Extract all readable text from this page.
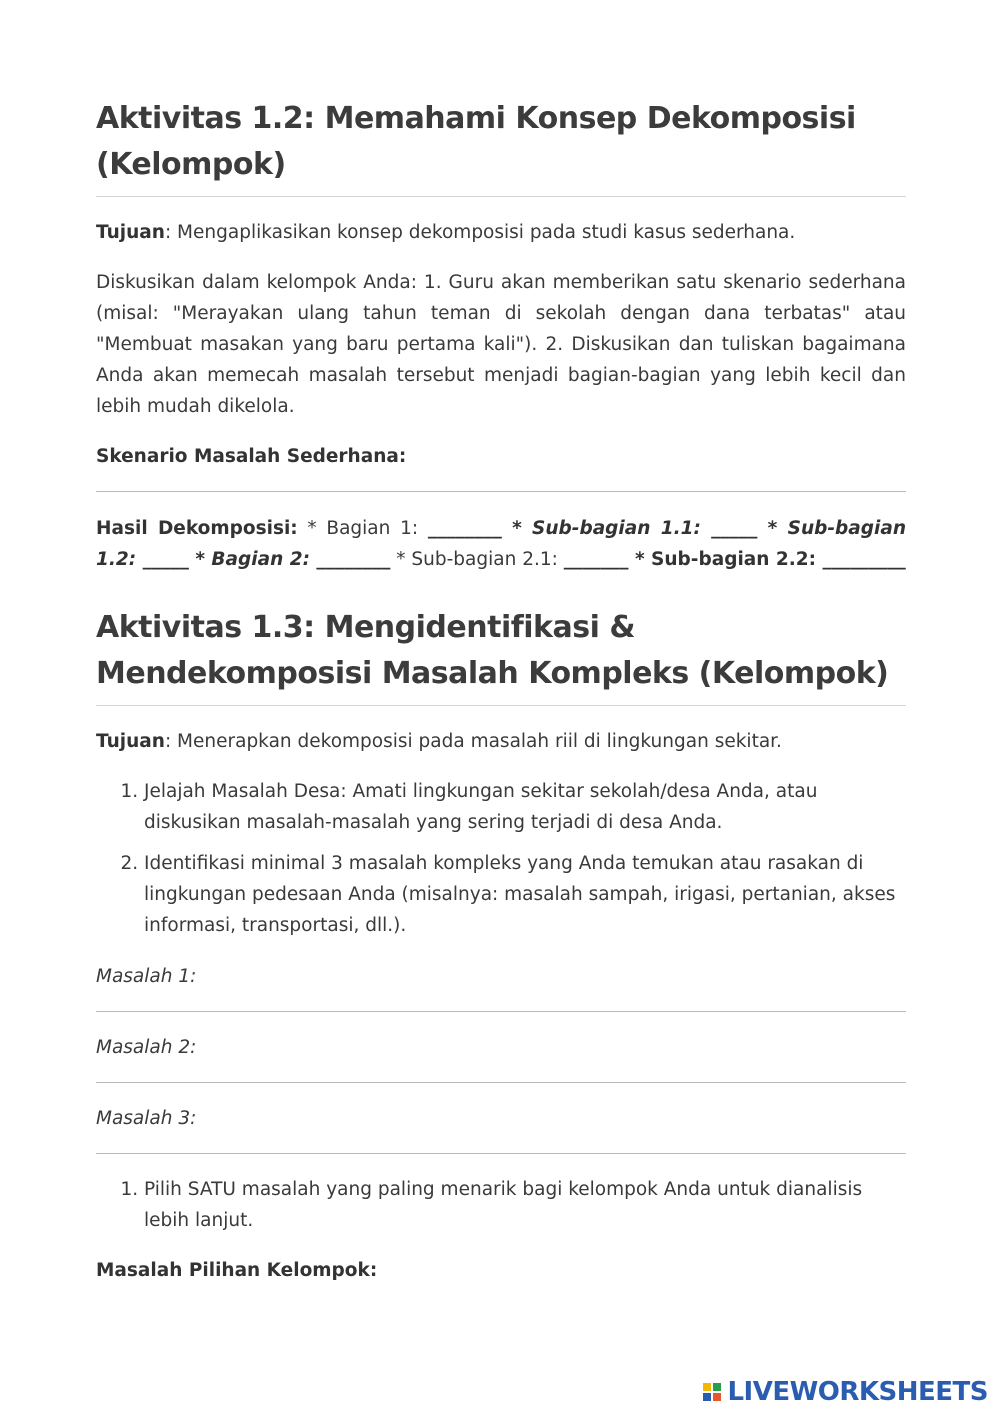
Aktivitas 1.2: Memahami Konsep Dekomposisi (Kelompok)

Tujuan: Mengaplikasikan konsep dekomposisi pada studi kasus sederhana.

Diskusikan dalam kelompok Anda: 1. Guru akan memberikan satu skenario sederhana (misal: "Merayakan ulang tahun teman di sekolah dengan dana terbatas" atau "Membuat masakan yang baru pertama kali"). 2. Diskusikan dan tuliskan bagaimana Anda akan memecah masalah tersebut menjadi bagian-bagian yang lebih kecil dan lebih mudah dikelola.

Skenario Masalah Sederhana:

Hasil Dekomposisi: * Bagian 1: ________ * Sub-bagian 1.1: _____ * Sub-bagian 1.2: _____ * Bagian 2: ________ * Sub-bagian 2.1: _______ * Sub-bagian 2.2: _________

Aktivitas 1.3: Mengidentifikasi & Mendekomposisi Masalah Kompleks (Kelompok)

Tujuan: Menerapkan dekomposisi pada masalah riil di lingkungan sekitar.

1. Jelajah Masalah Desa: Amati lingkungan sekitar sekolah/desa Anda, atau diskusikan masalah-masalah yang sering terjadi di desa Anda.
2. Identifikasi minimal 3 masalah kompleks yang Anda temukan atau rasakan di lingkungan pedesaan Anda (misalnya: masalah sampah, irigasi, pertanian, akses informasi, transportasi, dll.).

Masalah 1:

Masalah 2:

Masalah 3:

1. Pilih SATU masalah yang paling menarik bagi kelompok Anda untuk dianalisis lebih lanjut.

Masalah Pilihan Kelompok:

LIVEWORKSHEETS
